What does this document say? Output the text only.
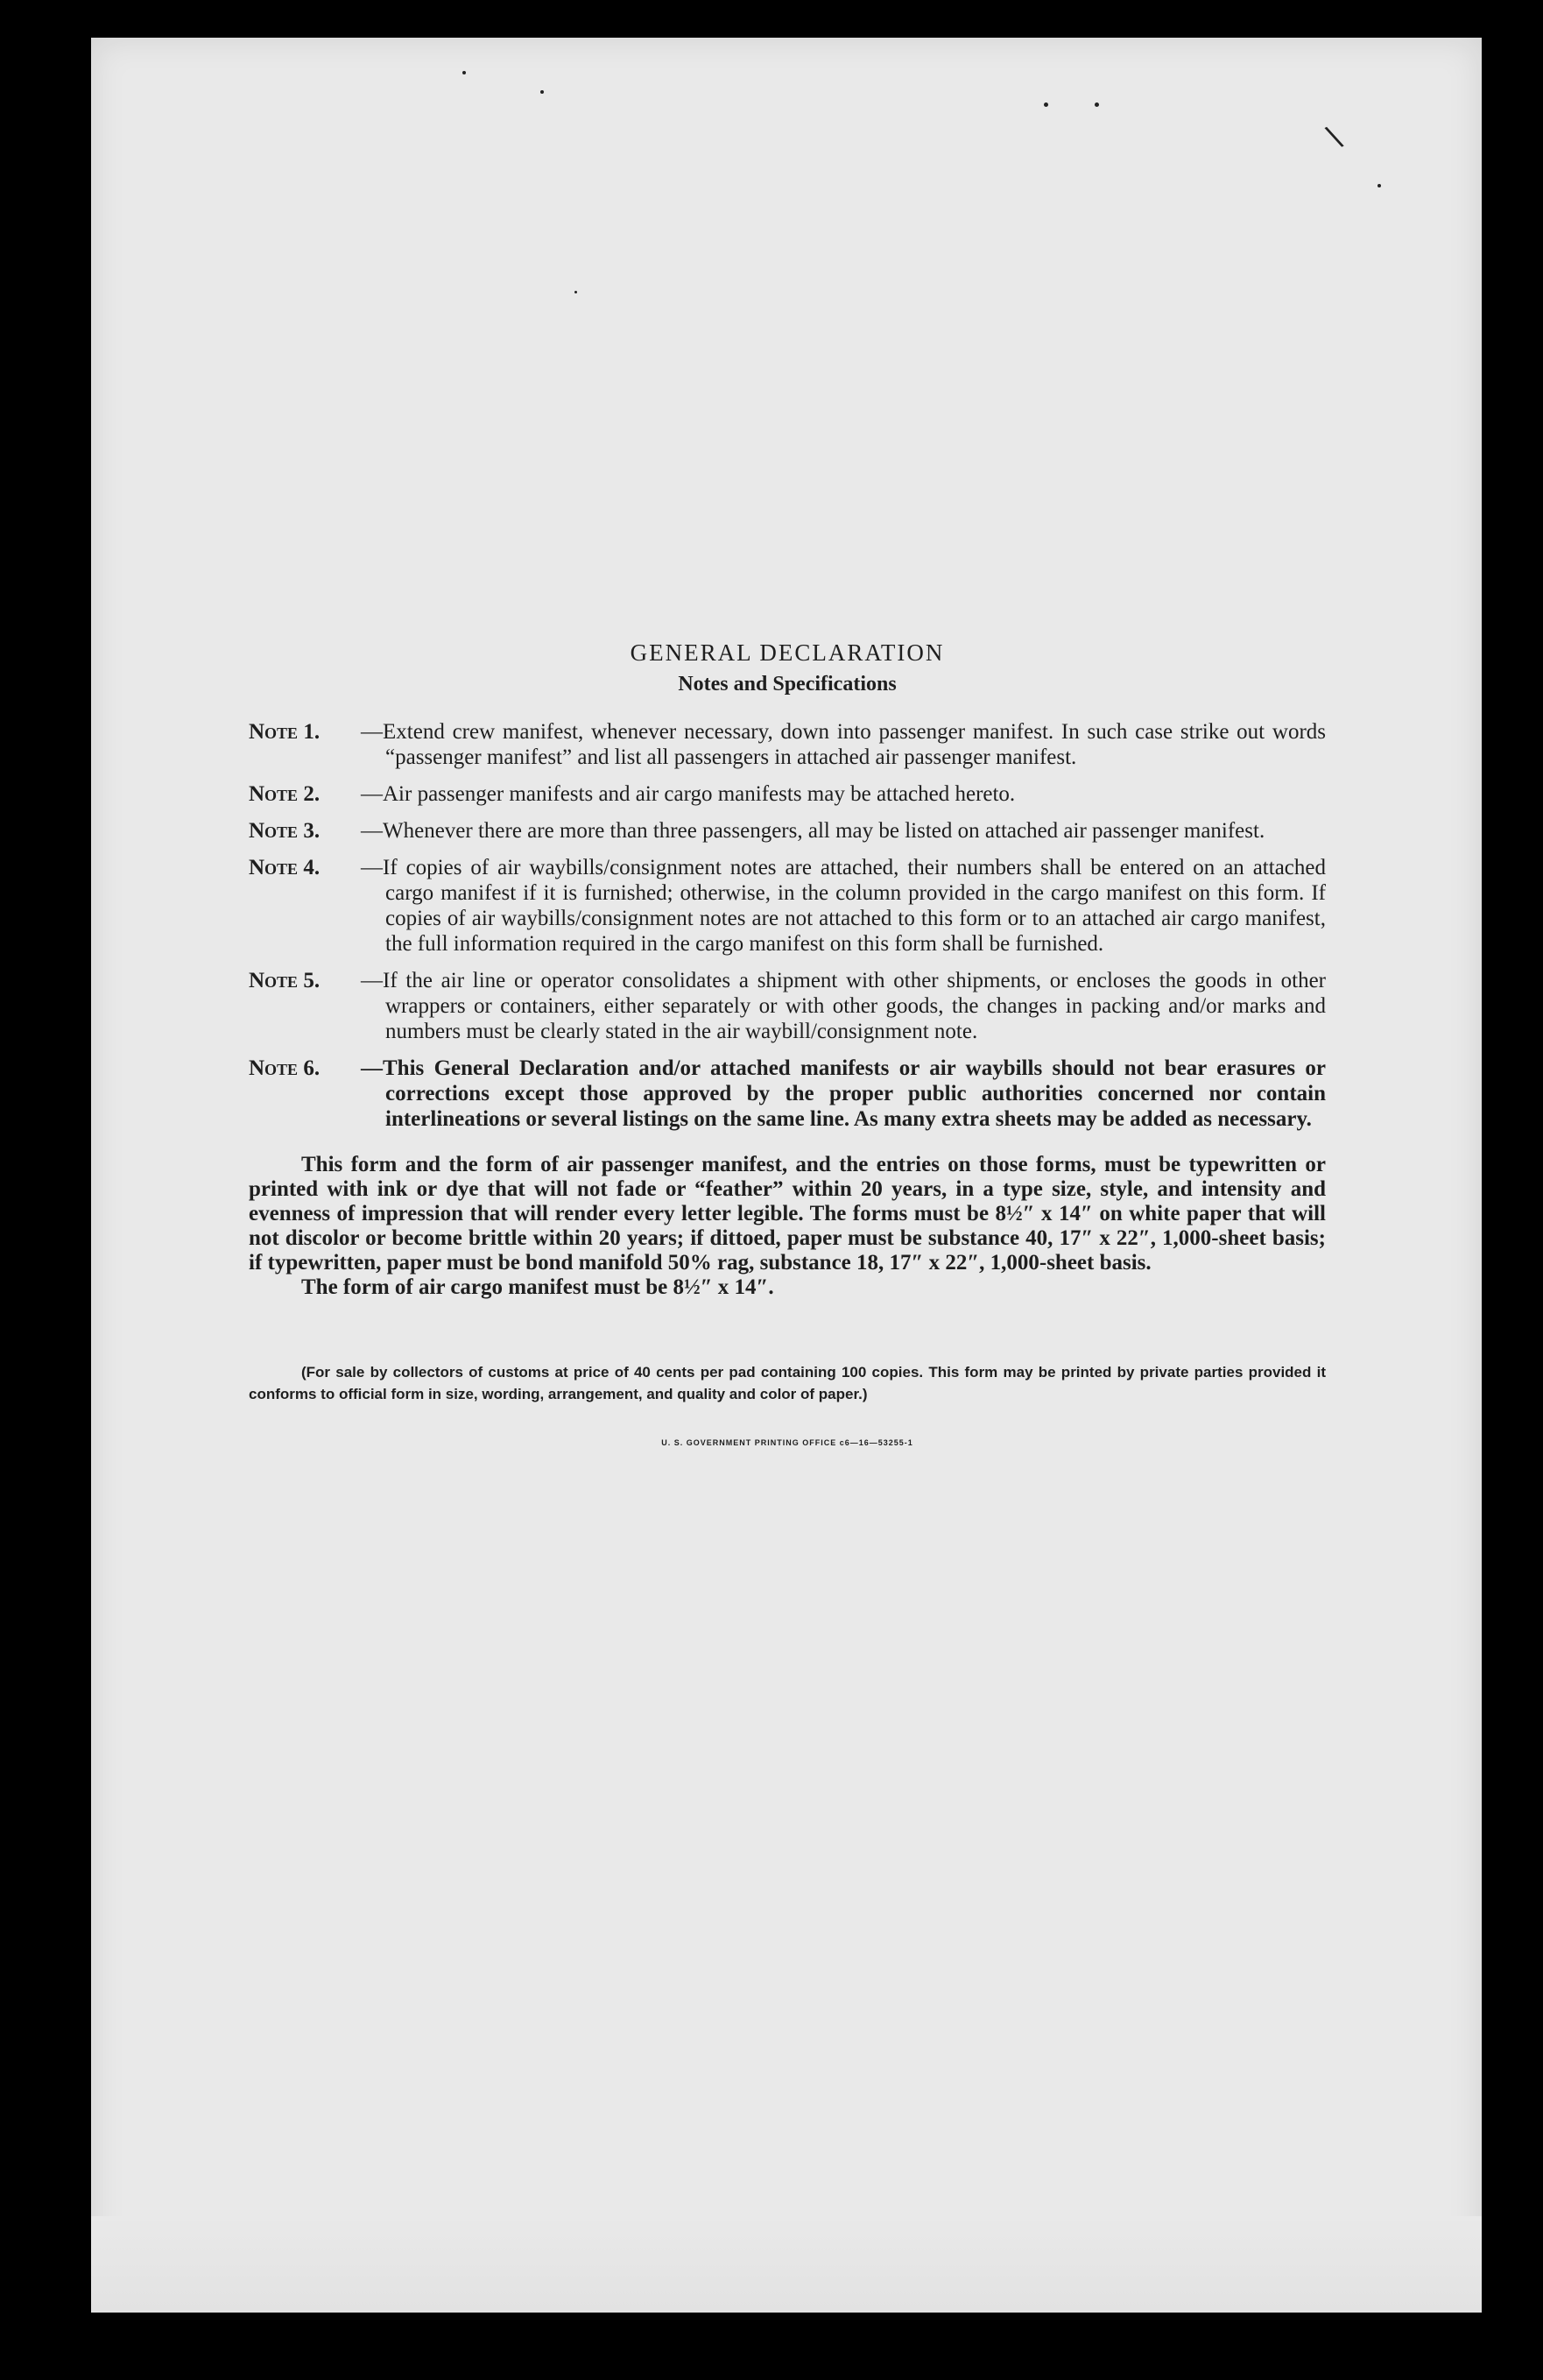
∖
GENERAL DECLARATION
Notes and Specifications
Note 1.	—Extend crew manifest, whenever necessary, down into passenger manifest. In such case strike out words “passenger manifest” and list all passengers in attached air passenger manifest.
Note 2.	—Air passenger manifests and air cargo manifests may be attached hereto.
Note 3.	—Whenever there are more than three passengers, all may be listed on attached air passenger manifest.
Note 4.	—If copies of air waybills/consignment notes are attached, their numbers shall be entered on an attached cargo manifest if it is furnished; otherwise, in the column provided in the cargo manifest on this form. If copies of air waybills/consignment notes are not attached to this form or to an attached air cargo manifest, the full information required in the cargo manifest on this form shall be furnished.
Note 5.	—If the air line or operator consolidates a shipment with other shipments, or encloses the goods in other wrappers or containers, either separately or with other goods, the changes in packing and/or marks and numbers must be clearly stated in the air waybill/consignment note.
Note 6.	—This General Declaration and/or attached manifests or air waybills should not bear erasures or corrections except those approved by the proper public authorities concerned nor contain interlineations or several listings on the same line. As many extra sheets may be added as necessary.
This form and the form of air passenger manifest, and the entries on those forms, must be typewritten or printed with ink or dye that will not fade or “feather” within 20 years, in a type size, style, and intensity and evenness of impression that will render every letter legible. The forms must be 8½″ x 14″ on white paper that will not discolor or become brittle within 20 years; if dittoed, paper must be substance 40, 17″ x 22″, 1,000-sheet basis; if typewritten, paper must be bond manifold 50% rag, substance 18, 17″ x 22″, 1,000-sheet basis.
The form of air cargo manifest must be 8½″ x 14″.
(For sale by collectors of customs at price of 40 cents per pad containing 100 copies. This form may be printed by private parties provided it conforms to official form in size, wording, arrangement, and quality and color of paper.)
U. S. GOVERNMENT PRINTING OFFICE c6—16—53255-1
